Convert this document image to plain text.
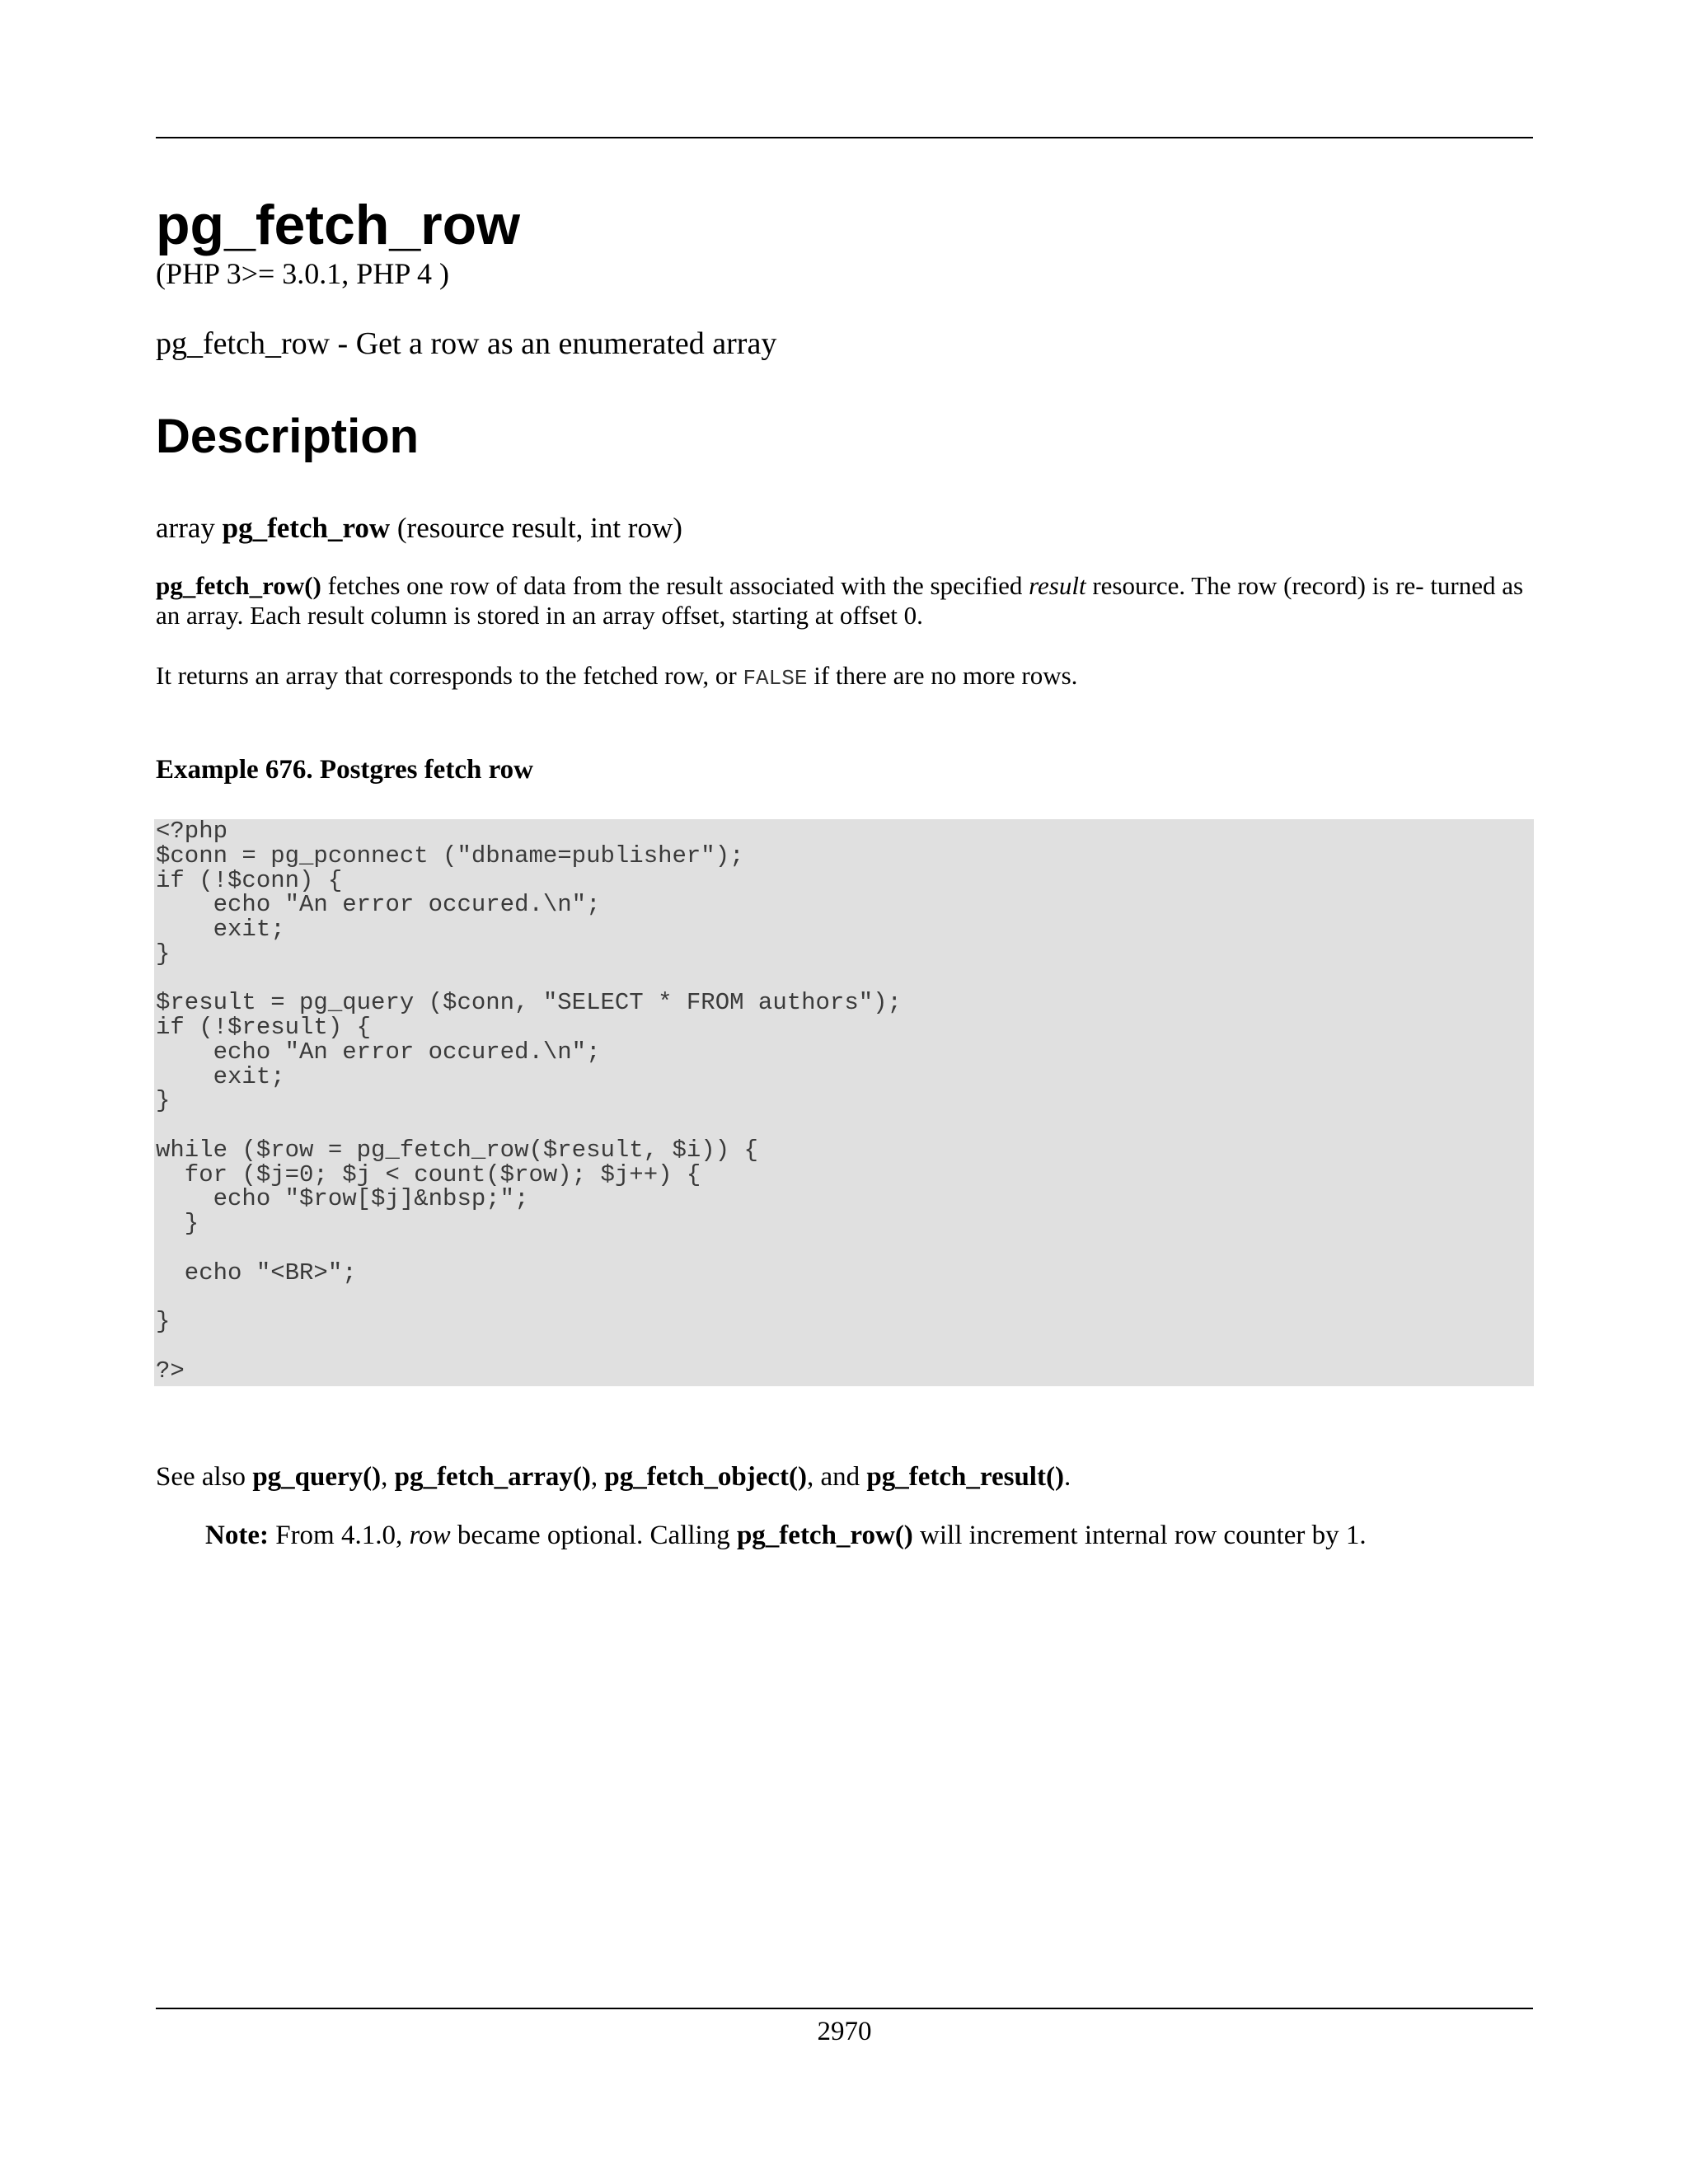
pg_fetch_row
(PHP 3>= 3.0.1, PHP 4 )
pg_fetch_row - Get a row as an enumerated array
Description
array pg_fetch_row (resource result, int row)
pg_fetch_row() fetches one row of data from the result associated with the specified result resource. The row (record) is re- turned as an array. Each result column is stored in an array offset, starting at offset 0.
It returns an array that corresponds to the fetched row, or FALSE if there are no more rows.
Example 676. Postgres fetch row
<?php
$conn = pg_pconnect ("dbname=publisher");
if (!$conn) {
echo "An error occured.\n";
exit;
}

$result = pg_query ($conn, "SELECT * FROM authors");
if (!$result) {
echo "An error occured.\n";
exit;
}

while ($row = pg_fetch_row($result, $i)) {
for ($j=0; $j < count($row); $j++) {
echo "$row[$j]&nbsp;";
}

echo "<BR>";

}

?>
See also pg_query(), pg_fetch_array(), pg_fetch_object(), and pg_fetch_result().
Note: From 4.1.0, row became optional. Calling pg_fetch_row() will increment internal row counter by 1.
2970
